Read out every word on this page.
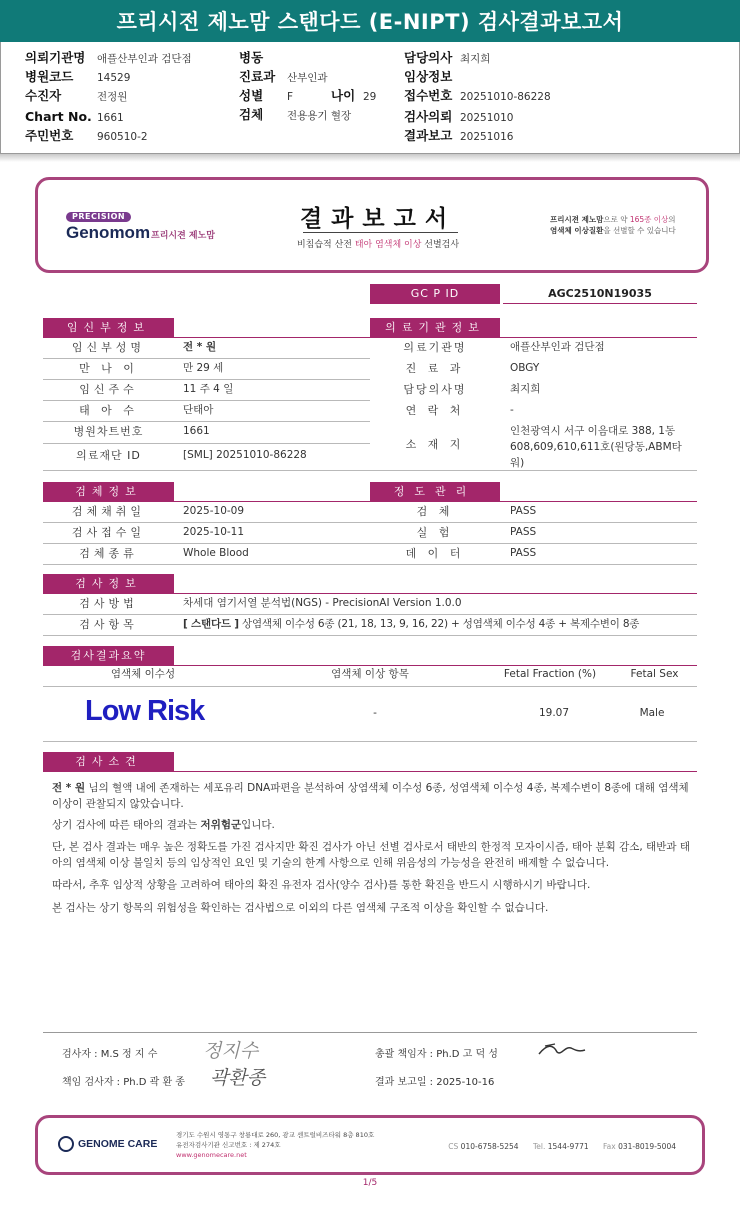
프리시전 제노맘 스탠다드 (E-NIPT) 검사결과보고서
의뢰기관명 애플산부인과 검단점
병원코드 14529
수진자	전정원
Chart No. 1661
주민번호 960510-2
병동
진료과 산부인과
성별 F	나이 29
검체 전용용기 혈장
담당의사 최지희
임상정보
접수번호 20251010-86228
검사의뢰 20251010
결과보고 20251016
PRECISION
Genomom 프리시젼 제노맘
결과보고서
비침습적 산전 태아 염색체 이상 선별검사
프리시젼 제노맘으로 약 165종 이상의
염색체 이상질환을 선별할 수 있습니다
GC P ID	AGC2510N19035
임신부정보
임신부성명	전 * 원
만 나 이	만 29 세
임신주수	11 주 4 일
태 아 수	단태아
병원차트번호	1661
의료재단 ID	[SML] 20251010-86228
의료기관정보
의료기관명	애플산부인과 검단점
진 료 과	OBGY
담당의사명	최지희
연 락 처	-
소 재 지
인천광역시 서구 이음대로 388, 1동
608,609,610,611호(원당동,ABM타
워)
검체정보
검체채취일	2025-10-09
검사접수일	2025-10-11
검체종류	Whole Blood
정도관리
검 체	PASS
실 험	PASS
데 이 터	PASS
검사정보
검사방법	차세대 염기서열 분석법(NGS) - PrecisionAI Version 1.0.0
검사항목	[ 스탠다드 ] 상염색체 이수성 6종 (21, 18, 13, 9, 16, 22) + 성염색체 이수성 4종 + 복제수변이 8종
검사결과요약
염색체 이수성	염색체 이상 항목	Fetal Fraction (%)	Fetal Sex
Low Risk	-	19.07	Male
검사소견
전 * 원 님의 혈액 내에 존재하는 세포유리 DNA파편을 분석하여 상염색체 이수성 6종, 성염색체 이수성 4종, 복제수변이 8종에 대해 염색체 이상이 관찰되지 않았습니다.
상기 검사에 따른 태아의 결과는 저위험군입니다.
단, 본 검사 결과는 매우 높은 정확도를 가진 검사지만 확진 검사가 아닌 선별 검사로서 태반의 한정적 모자이시즘, 태아 분획 감소, 태반과 태아의 염색체 이상 불일치 등의 임상적인 요인 및 기술의 한계 사항으로 인해 위음성의 가능성을 완전히 배제할 수 없습니다.
따라서, 추후 임상적 상황을 고려하여 태아의 확진 유전자 검사(양수 검사)를 통한 확진을 반드시 시행하시기 바랍니다.
본 검사는 상기 항목의 위험성을 확인하는 검사법으로 이외의 다른 염색체 구조적 이상을 확인할 수 없습니다.
검사자 : M.S 정 지 수 정지수
책임 검사자 : Ph.D 곽 환 종 곽환종
총괄 책임자 : Ph.D 고 덕 성
결과 보고일 : 2025-10-16
GENOME CARE
경기도 수원시 영통구 창룡대로 260, 광교 센트럴비즈타워 8층 810호
유전자검사기관 신고번호 : 제 274호
www.genomecare.net
CS 010-6758-5254 Tel. 1544-9771 Fax 031-8019-5004
1/5
